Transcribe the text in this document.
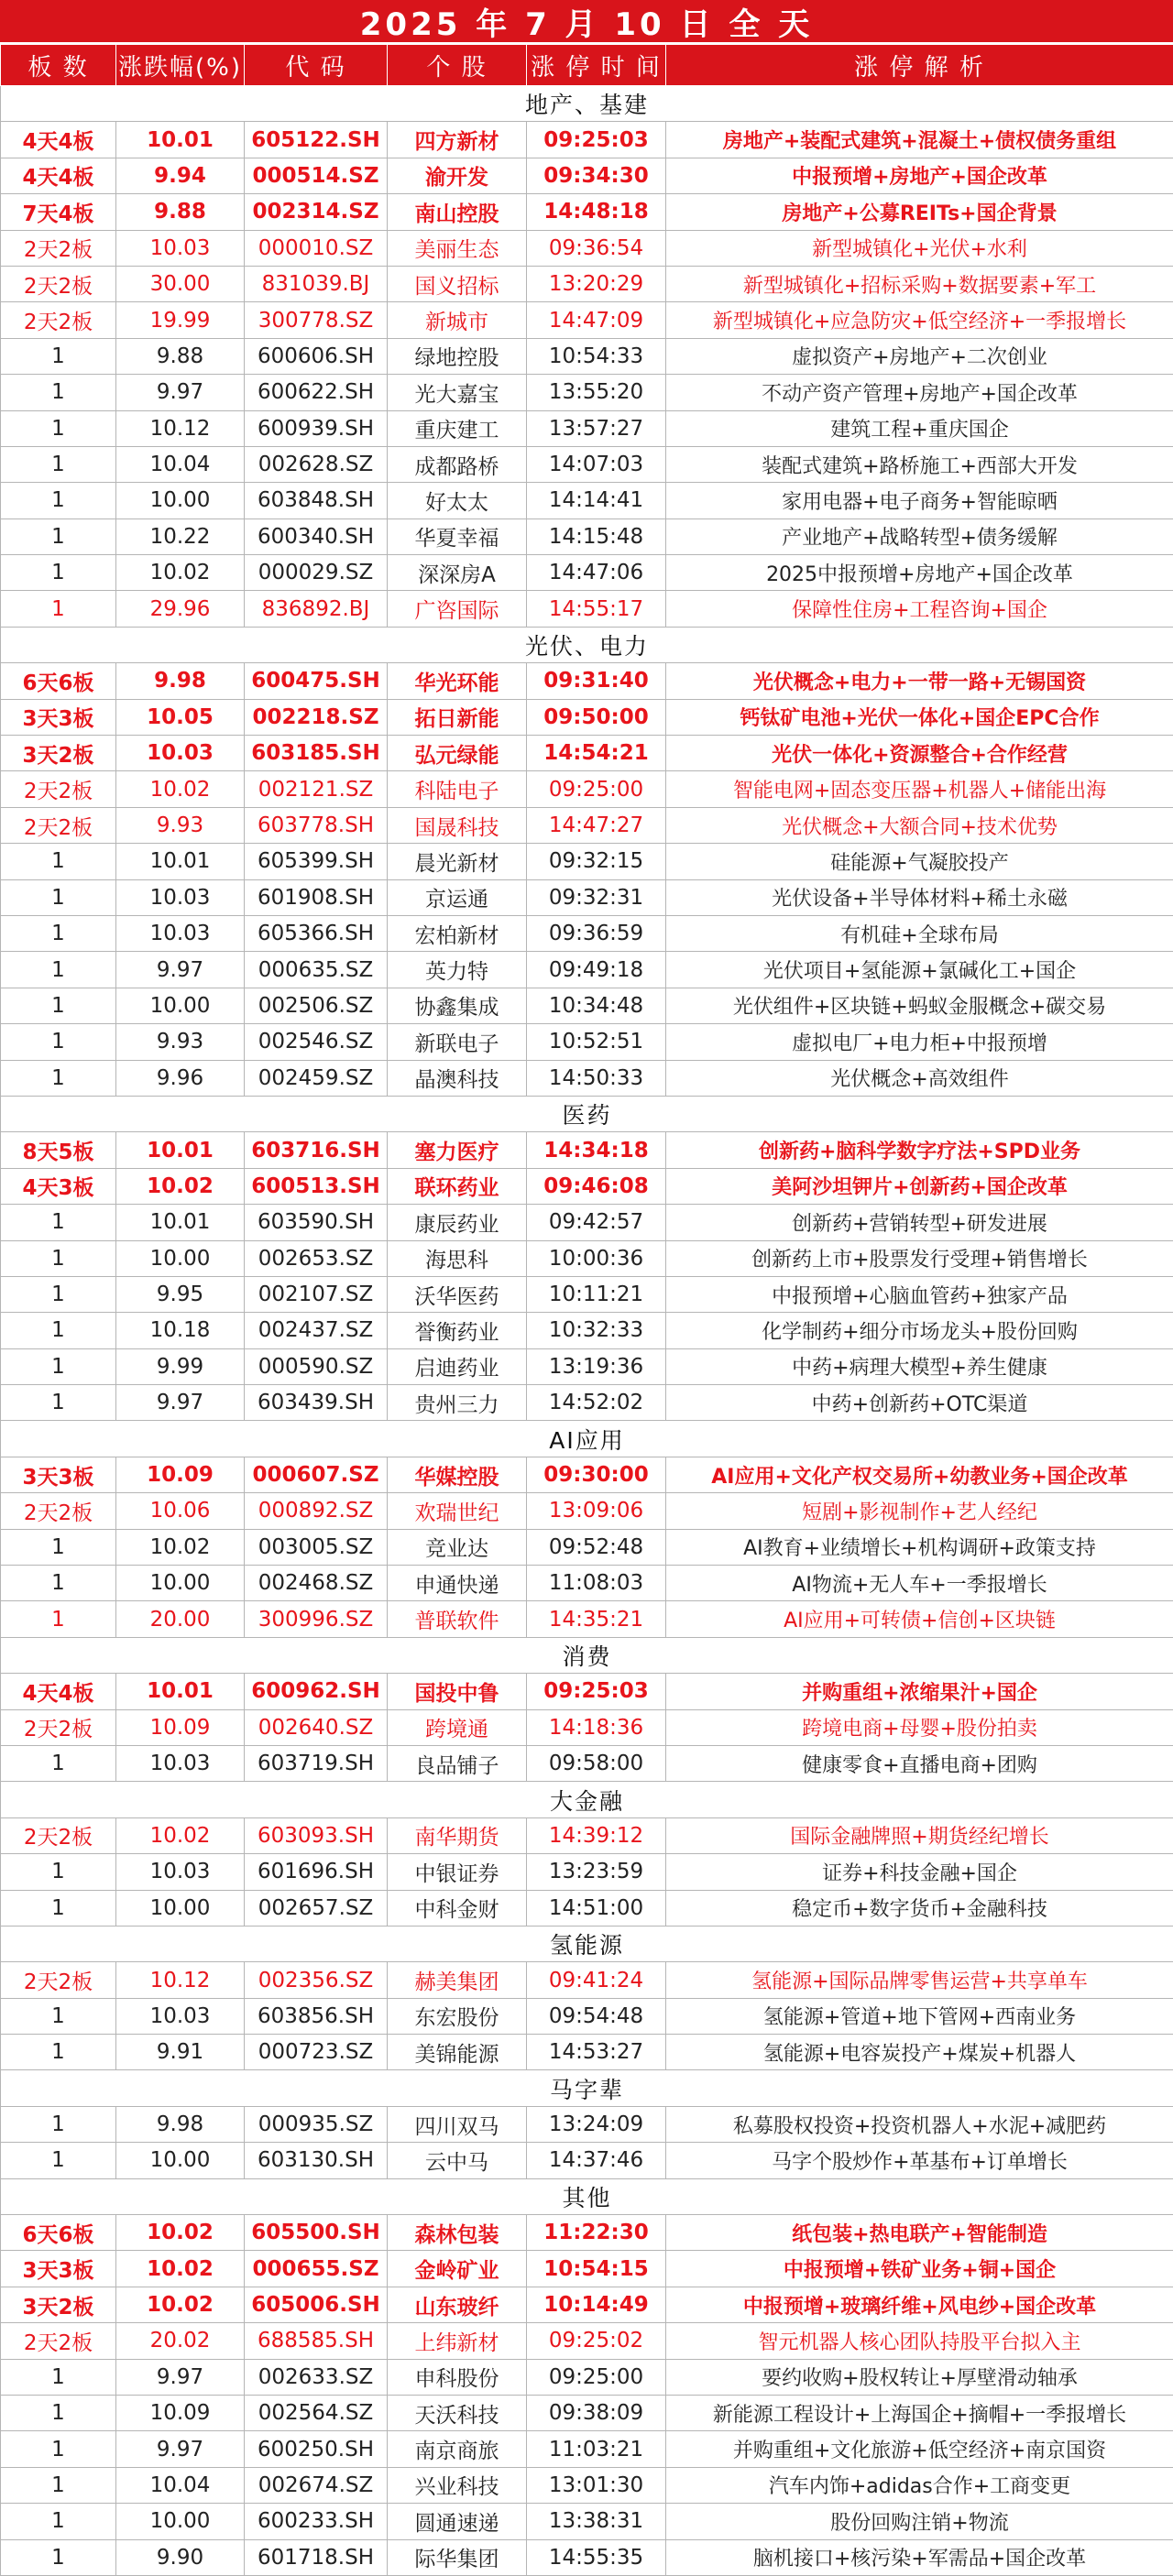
2025 年 7 月 10 日 全 天
板 数	涨跌幅(%)	代 码	个 股	涨 停 时 间	涨 停 解 析
地产、基建					
4天4板	10.01	605122.SH	四方新材	09:25:03	房地产+装配式建筑+混凝土+债权债务重组
4天4板	9.94	000514.SZ	渝开发	09:34:30	中报预增+房地产+国企改革
7天4板	9.88	002314.SZ	南山控股	14:48:18	房地产+公募REITs+国企背景
2天2板	10.03	000010.SZ	美丽生态	09:36:54	新型城镇化+光伏+水利
2天2板	30.00	831039.BJ	国义招标	13:20:29	新型城镇化+招标采购+数据要素+军工
2天2板	19.99	300778.SZ	新城市	14:47:09	新型城镇化+应急防灾+低空经济+一季报增长
1	9.88	600606.SH	绿地控股	10:54:33	虚拟资产+房地产+二次创业
1	9.97	600622.SH	光大嘉宝	13:55:20	不动产资产管理+房地产+国企改革
1	10.12	600939.SH	重庆建工	13:57:27	建筑工程+重庆国企
1	10.04	002628.SZ	成都路桥	14:07:03	装配式建筑+路桥施工+西部大开发
1	10.00	603848.SH	好太太	14:14:41	家用电器+电子商务+智能晾晒
1	10.22	600340.SH	华夏幸福	14:15:48	产业地产+战略转型+债务缓解
1	10.02	000029.SZ	深深房A	14:47:06	2025中报预增+房地产+国企改革
1	29.96	836892.BJ	广咨国际	14:55:17	保障性住房+工程咨询+国企
光伏、电力					
6天6板	9.98	600475.SH	华光环能	09:31:40	光伏概念+电力+一带一路+无锡国资
3天3板	10.05	002218.SZ	拓日新能	09:50:00	钙钛矿电池+光伏一体化+国企EPC合作
3天2板	10.03	603185.SH	弘元绿能	14:54:21	光伏一体化+资源整合+合作经营
2天2板	10.02	002121.SZ	科陆电子	09:25:00	智能电网+固态变压器+机器人+储能出海
2天2板	9.93	603778.SH	国晟科技	14:47:27	光伏概念+大额合同+技术优势
1	10.01	605399.SH	晨光新材	09:32:15	硅能源+气凝胶投产
1	10.03	601908.SH	京运通	09:32:31	光伏设备+半导体材料+稀土永磁
1	10.03	605366.SH	宏柏新材	09:36:59	有机硅+全球布局
1	9.97	000635.SZ	英力特	09:49:18	光伏项目+氢能源+氯碱化工+国企
1	10.00	002506.SZ	协鑫集成	10:34:48	光伏组件+区块链+蚂蚁金服概念+碳交易
1	9.93	002546.SZ	新联电子	10:52:51	虚拟电厂+电力柜+中报预增
1	9.96	002459.SZ	晶澳科技	14:50:33	光伏概念+高效组件
医药					
8天5板	10.01	603716.SH	塞力医疗	14:34:18	创新药+脑科学数字疗法+SPD业务
4天3板	10.02	600513.SH	联环药业	09:46:08	美阿沙坦钾片+创新药+国企改革
1	10.01	603590.SH	康辰药业	09:42:57	创新药+营销转型+研发进展
1	10.00	002653.SZ	海思科	10:00:36	创新药上市+股票发行受理+销售增长
1	9.95	002107.SZ	沃华医药	10:11:21	中报预增+心脑血管药+独家产品
1	10.18	002437.SZ	誉衡药业	10:32:33	化学制药+细分市场龙头+股份回购
1	9.99	000590.SZ	启迪药业	13:19:36	中药+病理大模型+养生健康
1	9.97	603439.SH	贵州三力	14:52:02	中药+创新药+OTC渠道
AI应用					
3天3板	10.09	000607.SZ	华媒控股	09:30:00	AI应用+文化产权交易所+幼教业务+国企改革
2天2板	10.06	000892.SZ	欢瑞世纪	13:09:06	短剧+影视制作+艺人经纪
1	10.02	003005.SZ	竞业达	09:52:48	AI教育+业绩增长+机构调研+政策支持
1	10.00	002468.SZ	申通快递	11:08:03	AI物流+无人车+一季报增长
1	20.00	300996.SZ	普联软件	14:35:21	AI应用+可转债+信创+区块链
消费					
4天4板	10.01	600962.SH	国投中鲁	09:25:03	并购重组+浓缩果汁+国企
2天2板	10.09	002640.SZ	跨境通	14:18:36	跨境电商+母婴+股份拍卖
1	10.03	603719.SH	良品铺子	09:58:00	健康零食+直播电商+团购
大金融					
2天2板	10.02	603093.SH	南华期货	14:39:12	国际金融牌照+期货经纪增长
1	10.03	601696.SH	中银证券	13:23:59	证券+科技金融+国企
1	10.00	002657.SZ	中科金财	14:51:00	稳定币+数字货币+金融科技
氢能源					
2天2板	10.12	002356.SZ	赫美集团	09:41:24	氢能源+国际品牌零售运营+共享单车
1	10.03	603856.SH	东宏股份	09:54:48	氢能源+管道+地下管网+西南业务
1	9.91	000723.SZ	美锦能源	14:53:27	氢能源+电容炭投产+煤炭+机器人
马字辈					
1	9.98	000935.SZ	四川双马	13:24:09	私募股权投资+投资机器人+水泥+减肥药
1	10.00	603130.SH	云中马	14:37:46	马字个股炒作+革基布+订单增长
其他					
6天6板	10.02	605500.SH	森林包装	11:22:30	纸包装+热电联产+智能制造
3天3板	10.02	000655.SZ	金岭矿业	10:54:15	中报预增+铁矿业务+铜+国企
3天2板	10.02	605006.SH	山东玻纤	10:14:49	中报预增+玻璃纤维+风电纱+国企改革
2天2板	20.02	688585.SH	上纬新材	09:25:02	智元机器人核心团队持股平台拟入主
1	9.97	002633.SZ	申科股份	09:25:00	要约收购+股权转让+厚壁滑动轴承
1	10.09	002564.SZ	天沃科技	09:38:09	新能源工程设计+上海国企+摘帽+一季报增长
1	9.97	600250.SH	南京商旅	11:03:21	并购重组+文化旅游+低空经济+南京国资
1	10.04	002674.SZ	兴业科技	13:01:30	汽车内饰+adidas合作+工商变更
1	10.00	600233.SH	圆通速递	13:38:31	股份回购注销+物流
1	9.90	601718.SH	际华集团	14:55:35	脑机接口+核污染+军需品+国企改革
